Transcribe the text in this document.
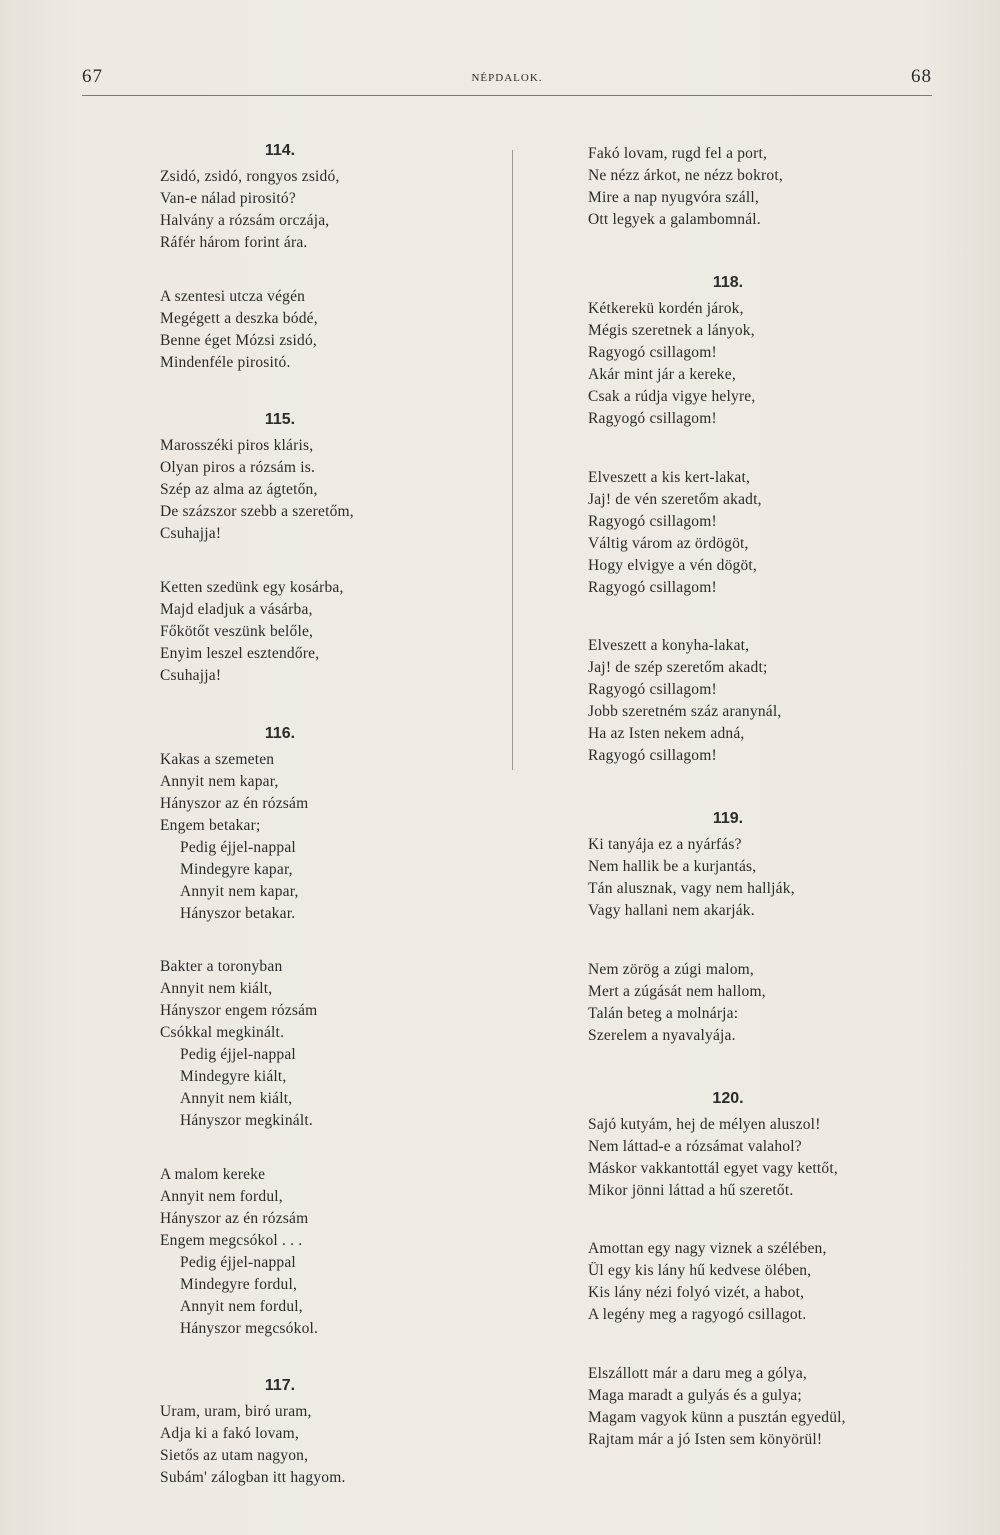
67	NÉPDALOK.	68
114.
Zsidó, zsidó, rongyos zsidó,
Van-e nálad pirositó?
Halvány a rózsám orczája,
Ráfér három forint ára.
A szentesi utcza végén
Megégett a deszka bódé,
Benne éget Mózsi zsidó,
Mindenféle pirositó.
115.
Marosszéki piros kláris,
Olyan piros a rózsám is.
Szép az alma az ágtetőn,
De százszor szebb a szeretőm,
Csuhajja!
Ketten szedünk egy kosárba,
Majd eladjuk a vásárba,
Főkötőt veszünk belőle,
Enyim leszel esztendőre,
Csuhajja!
116.
Kakas a szemeten
Annyit nem kapar,
Hányszor az én rózsám
Engem betakar;
Pedig éjjel-nappal
Mindegyre kapar,
Annyit nem kapar,
Hányszor betakar.
Bakter a toronyban
Annyit nem kiált,
Hányszor engem rózsám
Csókkal megkinált.
Pedig éjjel-nappal
Mindegyre kiált,
Annyit nem kiált,
Hányszor megkinált.
A malom kereke
Annyit nem fordul,
Hányszor az én rózsám
Engem megcsókol . . .
Pedig éjjel-nappal
Mindegyre fordul,
Annyit nem fordul,
Hányszor megcsókol.
117.
Uram, uram, biró uram,
Adja ki a fakó lovam,
Sietős az utam nagyon,
Subám' zálogban itt hagyom.
Fakó lovam, rugd fel a port,
Ne nézz árkot, ne nézz bokrot,
Mire a nap nyugvóra száll,
Ott legyek a galambomnál.
118.
Kétkerekü kordén járok,
Mégis szeretnek a lányok,
Ragyogó csillagom!
Akár mint jár a kereke,
Csak a rúdja vigye helyre,
Ragyogó csillagom!
Elveszett a kis kert-lakat,
Jaj! de vén szeretőm akadt,
Ragyogó csillagom!
Váltig várom az ördögöt,
Hogy elvigye a vén dögöt,
Ragyogó csillagom!
Elveszett a konyha-lakat,
Jaj! de szép szeretőm akadt;
Ragyogó csillagom!
Jobb szeretném száz aranynál,
Ha az Isten nekem adná,
Ragyogó csillagom!
119.
Ki tanyája ez a nyárfás?
Nem hallik be a kurjantás,
Tán alusznak, vagy nem hallják,
Vagy hallani nem akarják.
Nem zörög a zúgi malom,
Mert a zúgását nem hallom,
Talán beteg a molnárja:
Szerelem a nyavalyája.
120.
Sajó kutyám, hej de mélyen aluszol!
Nem láttad-e a rózsámat valahol?
Máskor vakkantottál egyet vagy kettőt,
Mikor jönni láttad a hű szeretőt.
Amottan egy nagy viznek a szélében,
Ül egy kis lány hű kedvese ölében,
Kis lány nézi folyó vizét, a habot,
A legény meg a ragyogó csillagot.
Elszállott már a daru meg a gólya,
Maga maradt a gulyás és a gulya;
Magam vagyok künn a pusztán egyedül,
Rajtam már a jó Isten sem könyörül!
